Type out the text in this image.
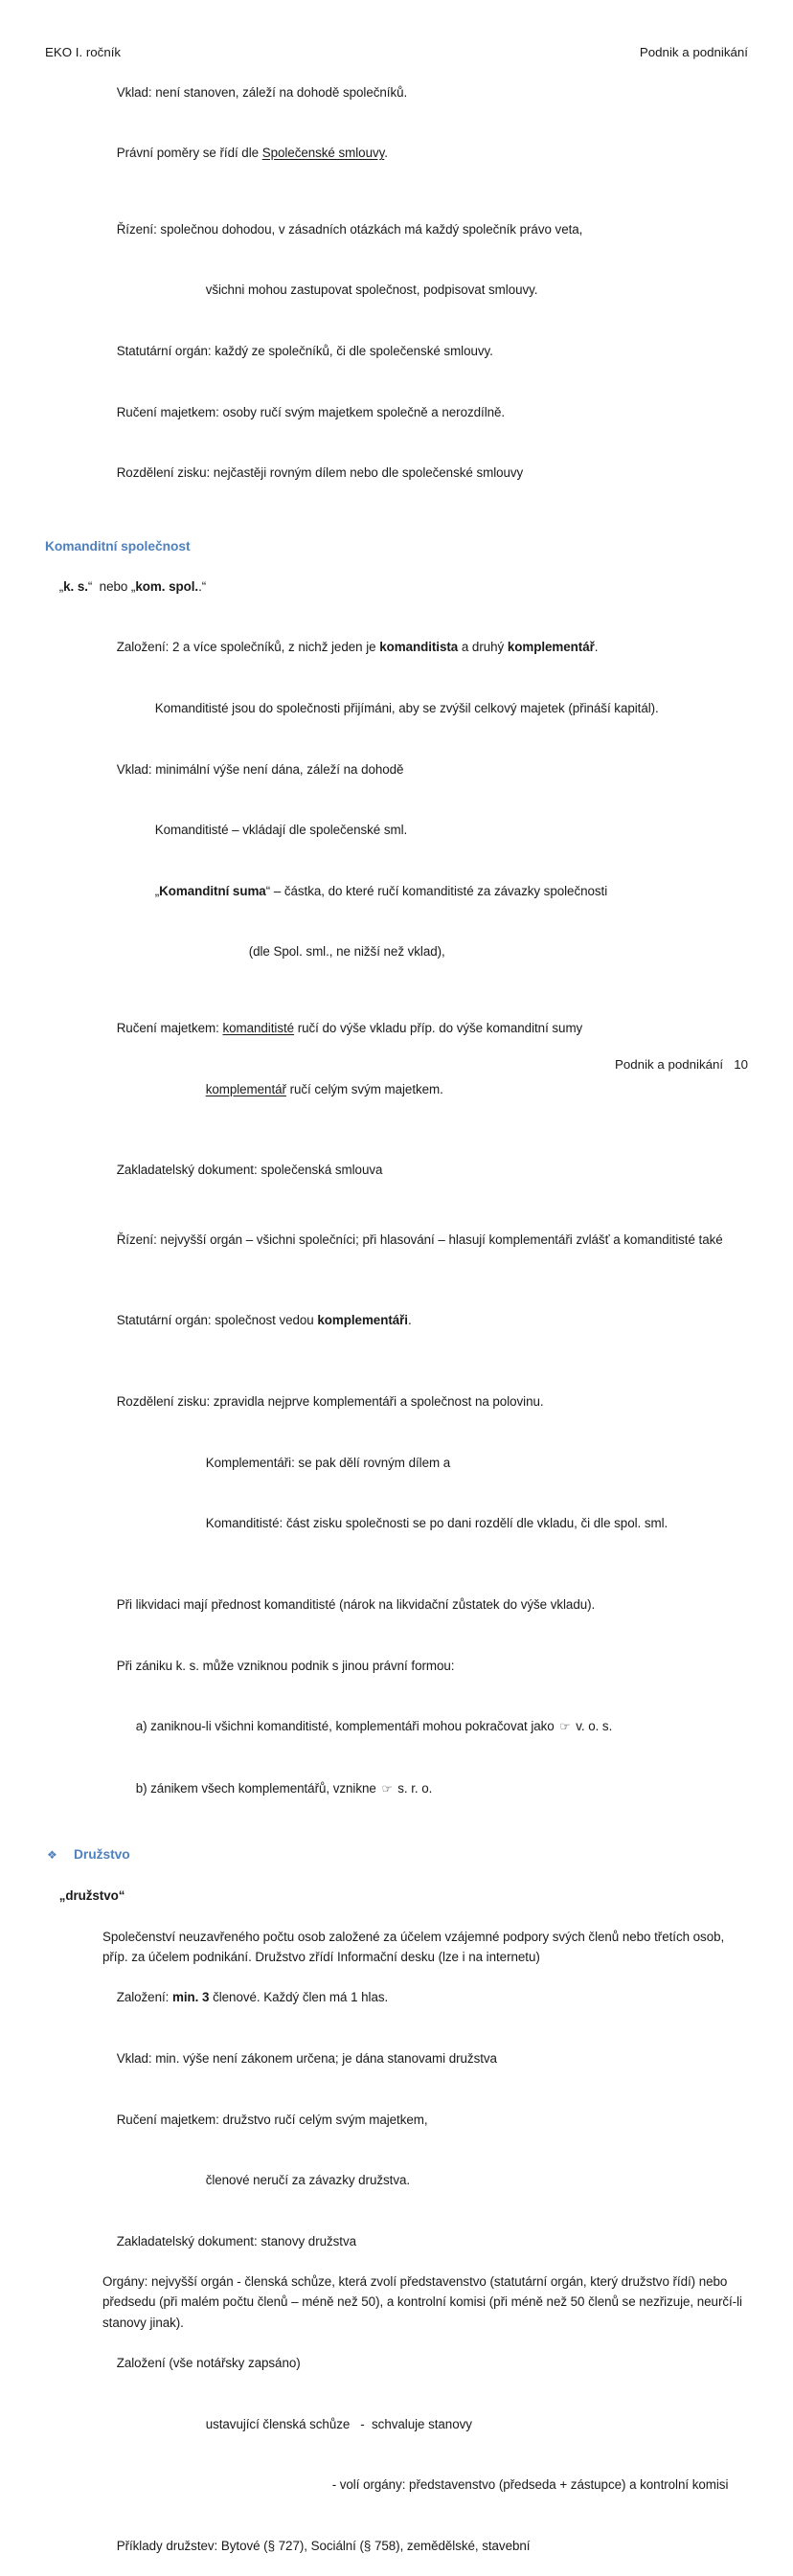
EKO I. ročník	Podnik a podnikání

Vklad: není stanoven, záleží na dohodě společníků.

Právní poměry se řídí dle Společenské smlouvy.

Řízení: společnou dohodou, v zásadních otázkách má každý společník právo veta,

všichni mohou zastupovat společnost, podpisovat smlouvy.

Statutární orgán: každý ze společníků, či dle společenské smlouvy.

Ručení majetkem: osoby ručí svým majetkem společně a nerozdílně.

Rozdělení zisku: nejčastěji rovným dílem nebo dle společenské smlouvy

Komanditní společnost

„k. s.“  nebo „kom. spol..“

Založení: 2 a více společníků, z nichž jeden je komanditista a druhý komplementář.

Komanditisté jsou do společnosti přijímáni, aby se zvýšil celkový majetek (přináší kapitál).

Vklad: minimální výše není dána, záleží na dohodě

Komanditisté – vkládají dle společenské sml.

„Komanditní suma“ – částka, do které ručí komanditisté za závazky společnosti

(dle Spol. sml., ne nižší než vklad),

Ručení majetkem: komanditisté ručí do výše vkladu příp. do výše komanditní sumy

komplementář ručí celým svým majetkem.

Zakladatelský dokument: společenská smlouva

Řízení: nejvyšší orgán – všichni společníci; při hlasování – hlasují komplementáři zvlášť a komanditisté také

Statutární orgán: společnost vedou komplementáři.

Rozdělení zisku: zpravidla nejprve komplementáři a společnost na polovinu.

Komplementáři: se pak dělí rovným dílem a

Komanditisté: část zisku společnosti se po dani rozdělí dle vkladu, či dle spol. sml.

Při likvidaci mají přednost komanditisté (nárok na likvidační zůstatek do výše vkladu).

Při zániku k. s. může vzniknou podnik s jinou právní formou:

a) zaniknou-li všichni komanditisté, komplementáři mohou pokračovat jako ☞ v. o. s.

b) zánikem všech komplementářů, vznikne ☞ s. r. o.

❖	Družstvo

„družstvo“

Společenství neuzavřeného počtu osob založené za účelem vzájemné podpory svých členů nebo třetích osob, příp. za účelem podnikání. Družstvo zřídí Informační desku (lze i na internetu)

Založení: min. 3 členové. Každý člen má 1 hlas.

Vklad: min. výše není zákonem určena; je dána stanovami družstva

Ručení majetkem: družstvo ručí celým svým majetkem,

členové neručí za závazky družstva.

Zakladatelský dokument: stanovy družstva

Orgány: nejvyšší orgán - členská schůze, která zvolí představenstvo (statutární orgán, který družstvo řídí) nebo předsedu (při malém počtu členů – méně než 50), a kontrolní komisi (při méně než 50 členů se nezřizuje, neurčí-li stanovy jinak).

Založení (vše notářsky zapsáno)

ustavující členská schůze   -  schvaluje stanovy

- volí orgány: představenstvo (předseda + zástupce) a kontrolní komisi

Příklady družstev: Bytové (§ 727), Sociální (§ 758), zemědělské, stavební

Podnik a podnikání   10
